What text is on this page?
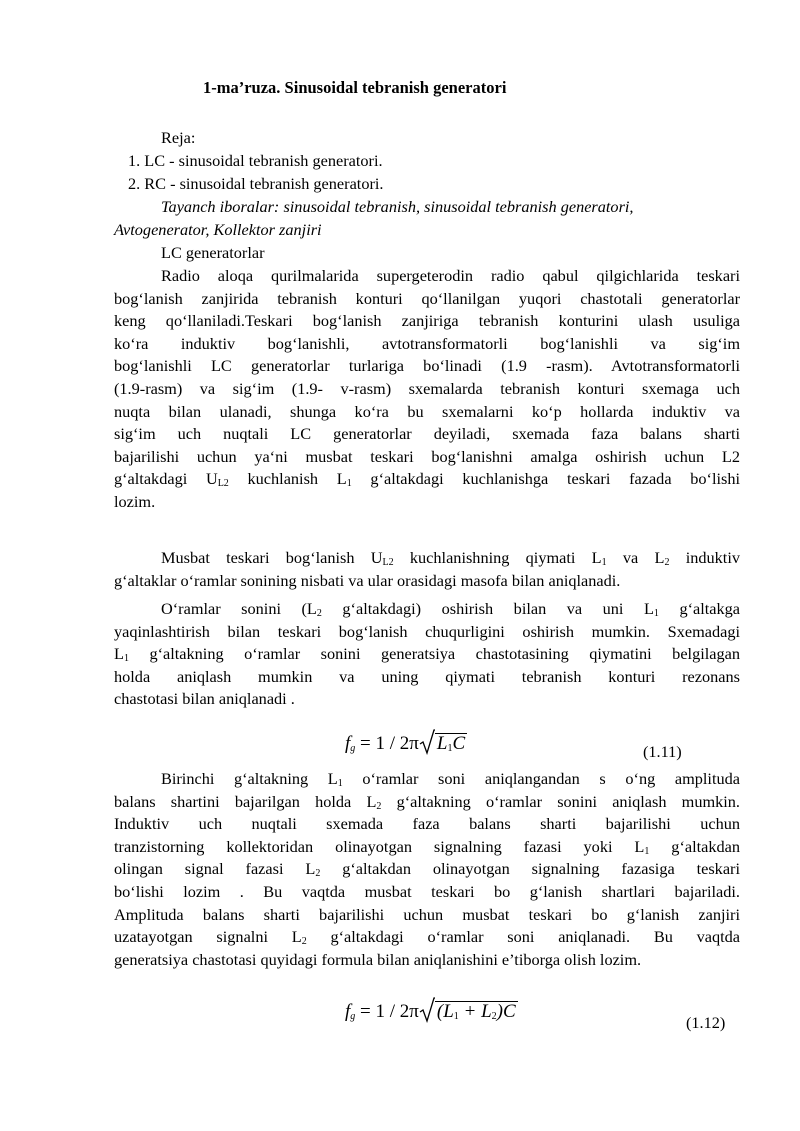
1-ma’ruza. Sinusoidal tebranish generatori
Reja:
1. LC - sinusoidal tebranish generatori.
2. RC - sinusoidal tebranish generatori.
Tayanch iboralar: sinusoidal tebranish, sinusoidal tebranish generatori,
Avtogenerator, Kollektor zanjiri
LC generatorlar
Radio aloqa qurilmalarida supergeterodin radio qabul qilgichlarida teskari
bog‘lanish zanjirida tebranish konturi qo‘llanilgan yuqori chastotali generatorlar
keng qo‘llaniladi.Teskari bog‘lanish zanjiriga tebranish konturini ulash usuliga
ko‘ra induktiv bog‘lanishli, avtotransformatorli bog‘lanishli va sig‘im
bog‘lanishli LC generatorlar turlariga bo‘linadi (1.9 -rasm). Avtotransformatorli
(1.9-rasm) va sig‘im (1.9- v-rasm) sxemalarda tebranish konturi sxemaga uch
nuqta bilan ulanadi, shunga ko‘ra bu sxemalarni ko‘p hollarda induktiv va
sig‘im uch nuqtali LC generatorlar deyiladi, sxemada faza balans sharti
bajarilishi uchun ya‘ni musbat teskari bog‘lanishni amalga oshirish uchun L2
g‘altakdagi $U_{L2}$ kuchlanish $L_1$ g‘altakdagi kuchlanishga teskari fazada bo‘lishi
lozim.
Musbat teskari bog‘lanish $U_{L2}$ kuchlanishning qiymati $L_1$ va $L_2$ induktiv
g‘altaklar o‘ramlar sonining nisbati va ular orasidagi masofa bilan aniqlanadi.
O‘ramlar sonini ($L_2$ g‘altakdagi) oshirish bilan va uni $L_1$ g‘altakga
yaqinlashtirish bilan teskari bog‘lanish chuqurligini oshirish mumkin. Sxemadagi
$L_1$ g‘altakning o‘ramlar sonini generatsiya chastotasining qiymatini belgilagan
holda aniqlash mumkin va uning qiymati tebranish konturi rezonans
chastotasi bilan aniqlanadi .
Birinchi g‘altakning $L_1$ o‘ramlar soni aniqlangandan s o‘ng amplituda
balans shartini bajarilgan holda $L_2$ g‘altakning o‘ramlar sonini aniqlash mumkin.
Induktiv uch nuqtali sxemada faza balans sharti bajarilishi uchun
tranzistorning kollektoridan olinayotgan signalning fazasi yoki $L_1$ g‘altakdan
olingan signal fazasi $L_2$ g‘altakdan olinayotgan signalning fazasiga teskari
bo‘lishi lozim . Bu vaqtda musbat teskari bo g‘lanish shartlari bajariladi.
Amplituda balans sharti bajarilishi uchun musbat teskari bo g‘lanish zanjiri
uzatayotgan signalni $L_2$ g‘altakdagi o‘ramlar soni aniqlanadi. Bu vaqtda
generatsiya chastotasi quyidagi formula bilan aniqlanishini e’tiborga olish lozim.
$f_g = 1 / 2\pi$ $L_1C$	(1.11)
$f_g = 1 / 2\pi$ $(L_1 + L_2)C$
(1.12)
